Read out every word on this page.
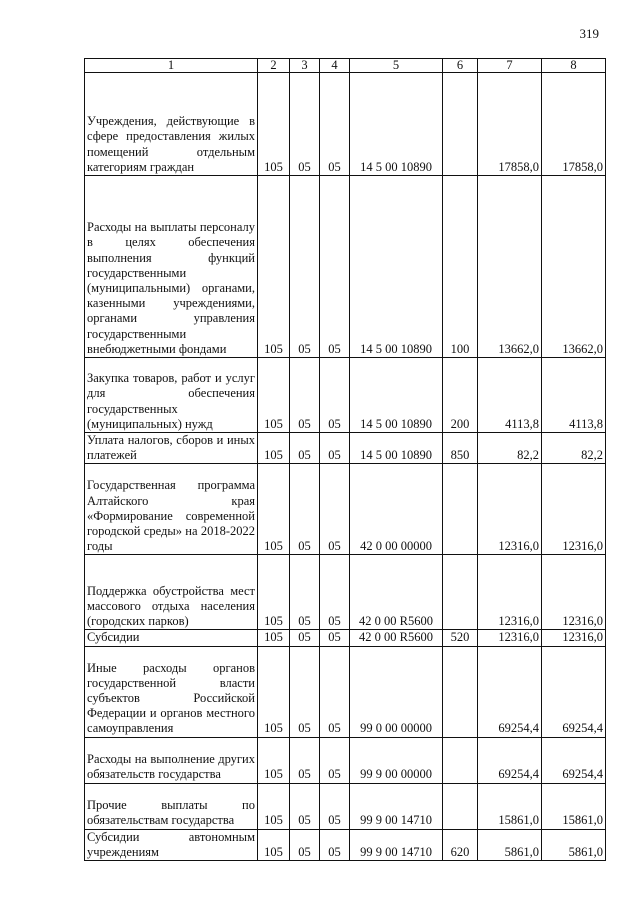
319
1	2	3	4	5	6	7	8
Учреждения, действующие в сфере предоставления жилых помещений отдельным категориям граждан	105	05	05	14 5 00 10890		17858,0	17858,0
Расходы на выплаты персоналу в целях обеспечения выполнения функций государственными (муниципальными) органами, казенными учреждениями, органами управления государственными внебюджетными фондами	105	05	05	14 5 00 10890	100	13662,0	13662,0
Закупка товаров, работ и услуг для обеспечения государственных (муниципальных) нужд	105	05	05	14 5 00 10890	200	4113,8	4113,8
Уплата налогов, сборов и иных платежей	105	05	05	14 5 00 10890	850	82,2	82,2
Государственная программа Алтайского края «Формирование современной городской среды» на 2018-2022 годы	105	05	05	42 0 00 00000		12316,0	12316,0
Поддержка обустройства мест массового отдыха населения (городских парков)	105	05	05	42 0 00 R5600		12316,0	12316,0
Субсидии	105	05	05	42 0 00 R5600	520	12316,0	12316,0
Иные расходы органов государственной власти субъектов Российской Федерации и органов местного самоуправления	105	05	05	99 0 00 00000		69254,4	69254,4
Расходы на выполнение других обязательств государства	105	05	05	99 9 00 00000		69254,4	69254,4
Прочие выплаты по обязательствам государства	105	05	05	99 9 00 14710		15861,0	15861,0
Субсидии автономным учреждениям	105	05	05	99 9 00 14710	620	5861,0	5861,0
